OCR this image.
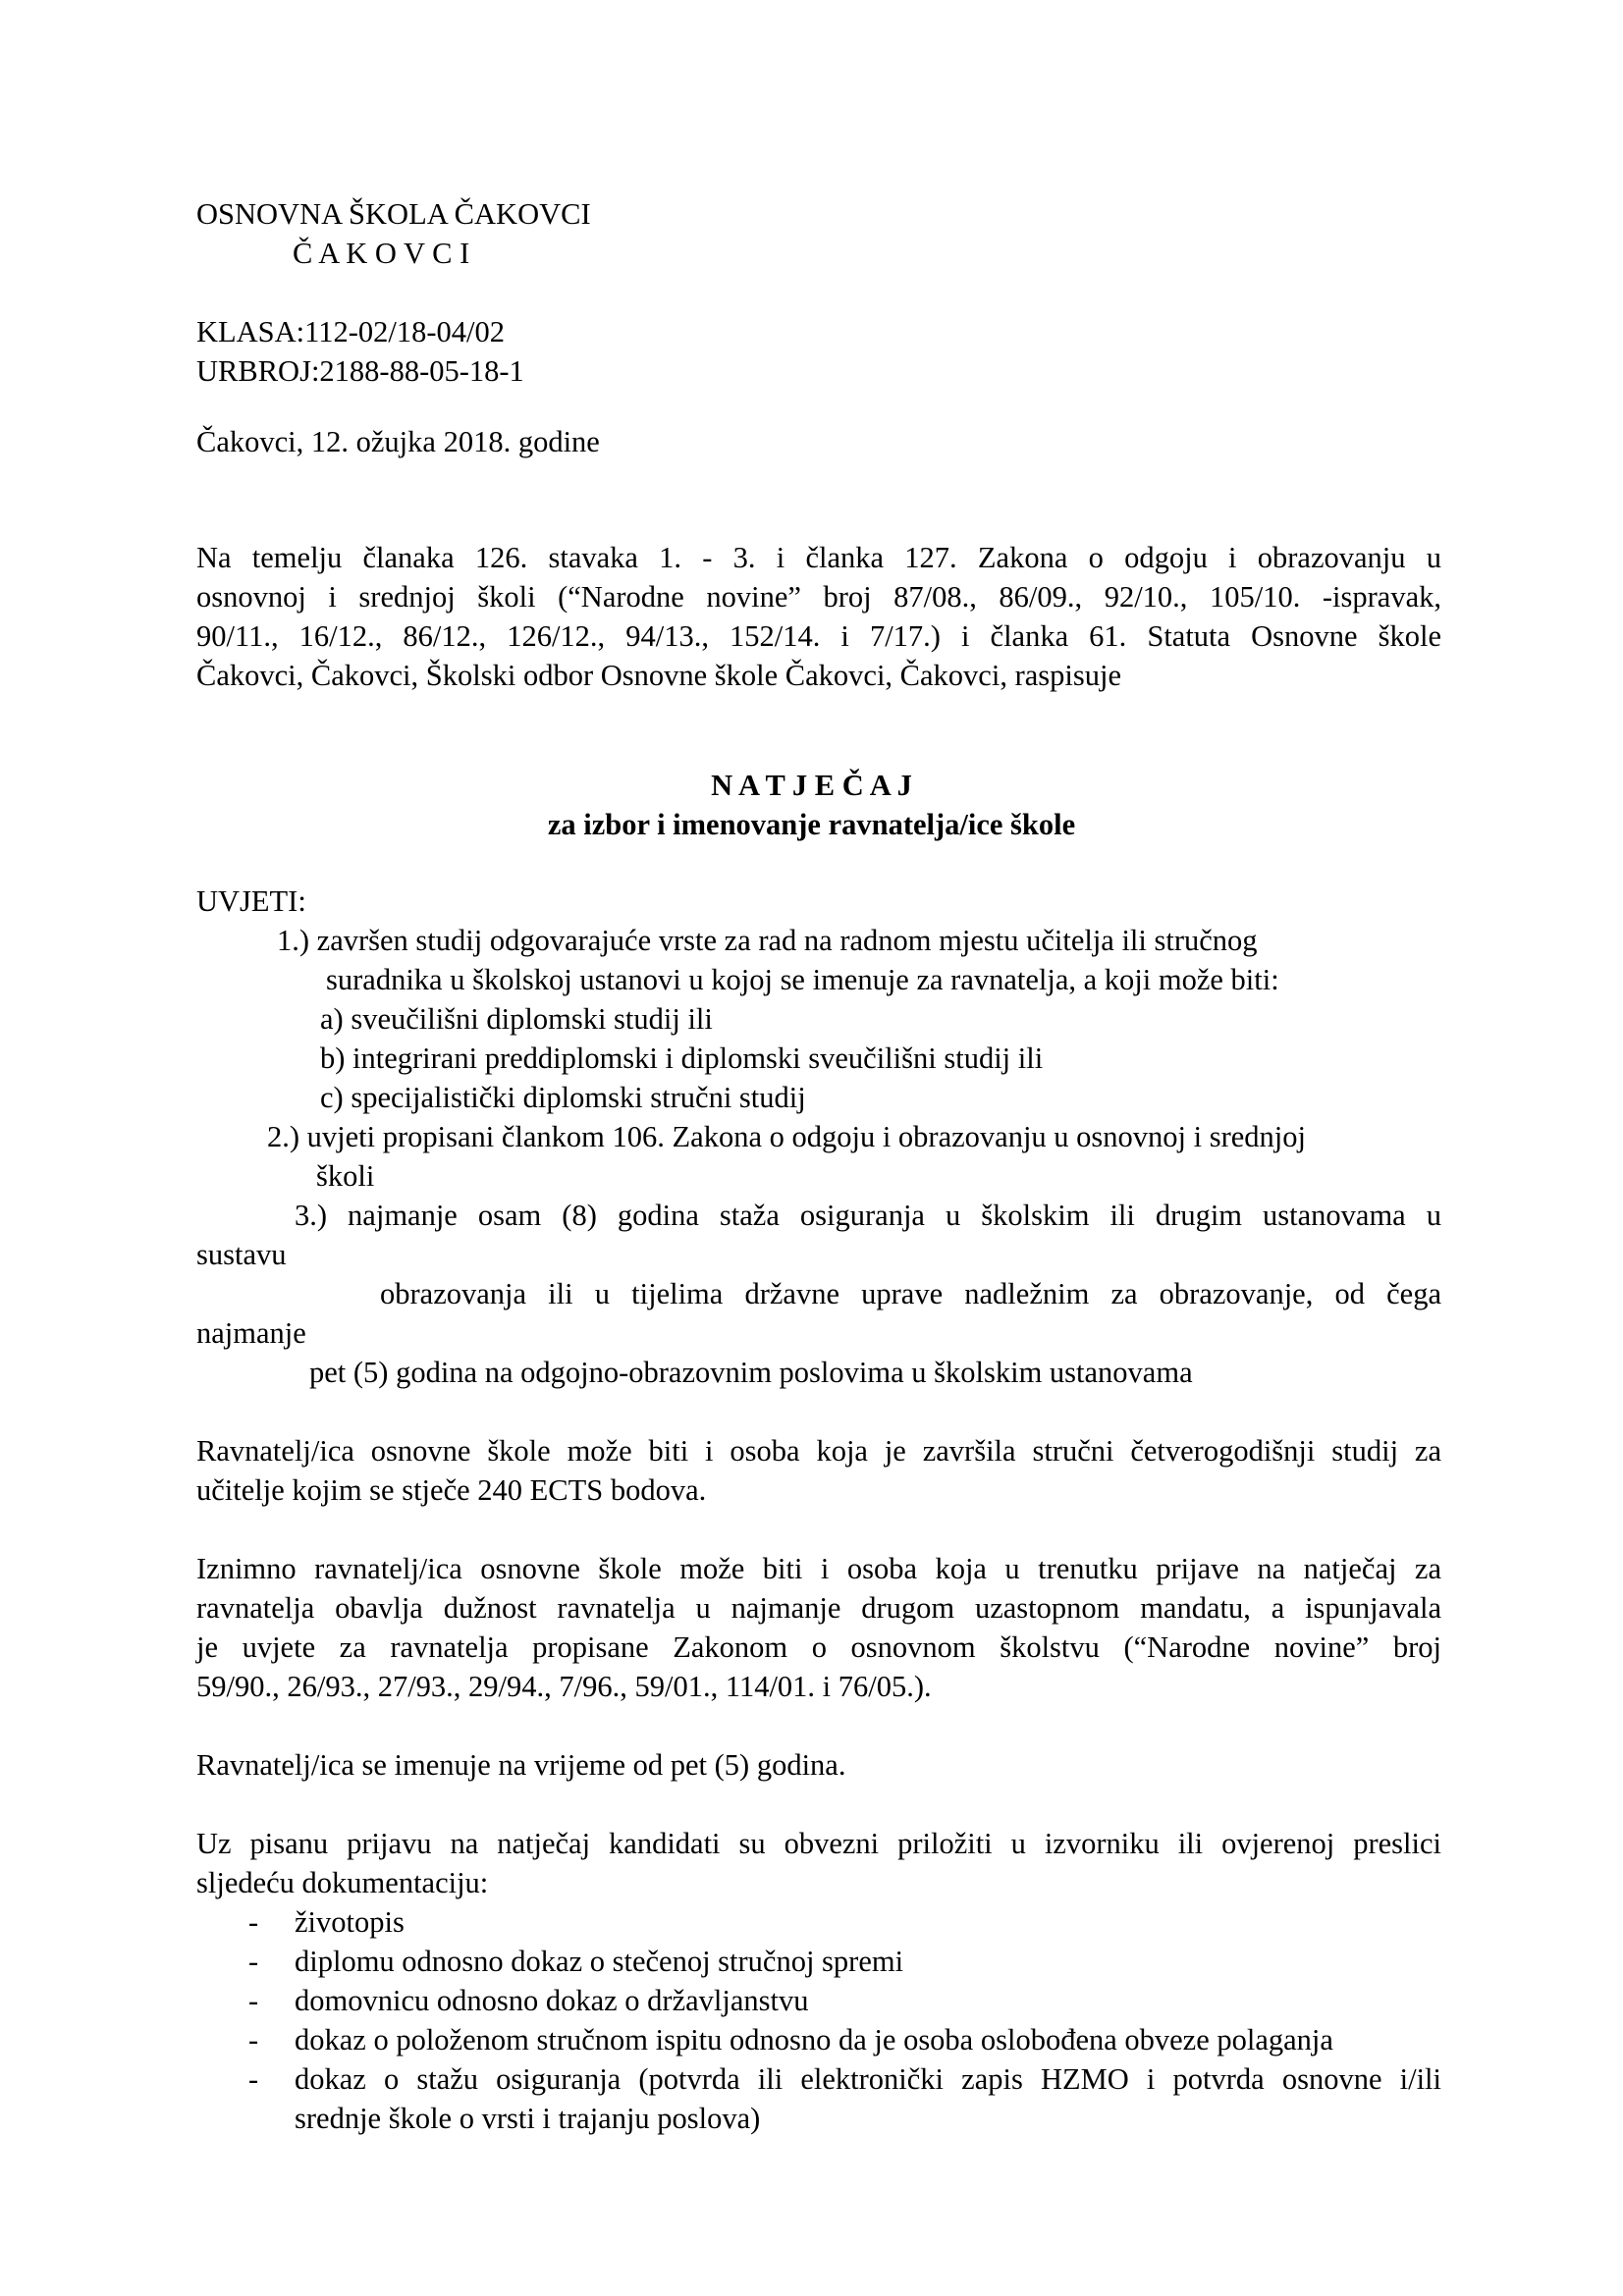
OSNOVNA ŠKOLA ČAKOVCI
Č A K O V C I
KLASA:112-02/18-04/02
URBROJ:2188-88-05-18-1
Čakovci, 12. ožujka 2018. godine
Na temelju članaka 126. stavaka 1. - 3. i članka 127. Zakona o odgoju i obrazovanju u
osnovnoj i srednjoj školi (“Narodne novine” broj 87/08., 86/09., 92/10., 105/10. -ispravak,
90/11., 16/12., 86/12., 126/12., 94/13., 152/14. i 7/17.) i članka 61. Statuta Osnovne škole
Čakovci, Čakovci, Školski odbor Osnovne škole Čakovci, Čakovci, raspisuje
N A T J E Č A J
za izbor i imenovanje ravnatelja/ice škole
UVJETI:
1.) završen studij odgovarajuće vrste za rad na radnom mjestu učitelja ili stručnog
suradnika u školskoj ustanovi u kojoj se imenuje za ravnatelja, a koji može biti:
a) sveučilišni diplomski studij ili
b) integrirani preddiplomski i diplomski sveučilišni studij ili
c) specijalistički diplomski stručni studij
2.) uvjeti propisani člankom 106. Zakona o odgoju i obrazovanju u osnovnoj i srednjoj
školi
3.) najmanje osam (8) godina staža osiguranja u školskim ili drugim ustanovama u
sustavu
obrazovanja ili u tijelima državne uprave nadležnim za obrazovanje, od čega
najmanje
pet (5) godina na odgojno-obrazovnim poslovima u školskim ustanovama
Ravnatelj/ica osnovne škole može biti i osoba koja je završila stručni četverogodišnji studij za
učitelje kojim se stječe 240 ECTS bodova.
Iznimno ravnatelj/ica osnovne škole može biti i osoba koja u trenutku prijave na natječaj za
ravnatelja obavlja dužnost ravnatelja u najmanje drugom uzastopnom mandatu, a ispunjavala
je uvjete za ravnatelja propisane Zakonom o osnovnom školstvu (“Narodne novine” broj
59/90., 26/93., 27/93., 29/94., 7/96., 59/01., 114/01. i 76/05.).
Ravnatelj/ica se imenuje na vrijeme od pet (5) godina.
Uz pisanu prijavu na natječaj kandidati su obvezni priložiti u izvorniku ili ovjerenoj preslici
sljedeću dokumentaciju:
- životopis
- diplomu odnosno dokaz o stečenoj stručnoj spremi
- domovnicu odnosno dokaz o državljanstvu
- dokaz o položenom stručnom ispitu odnosno da je osoba oslobođena obveze polaganja
- dokaz o stažu osiguranja (potvrda ili elektronički zapis HZMO i potvrda osnovne i/ili
srednje škole o vrsti i trajanju poslova)
